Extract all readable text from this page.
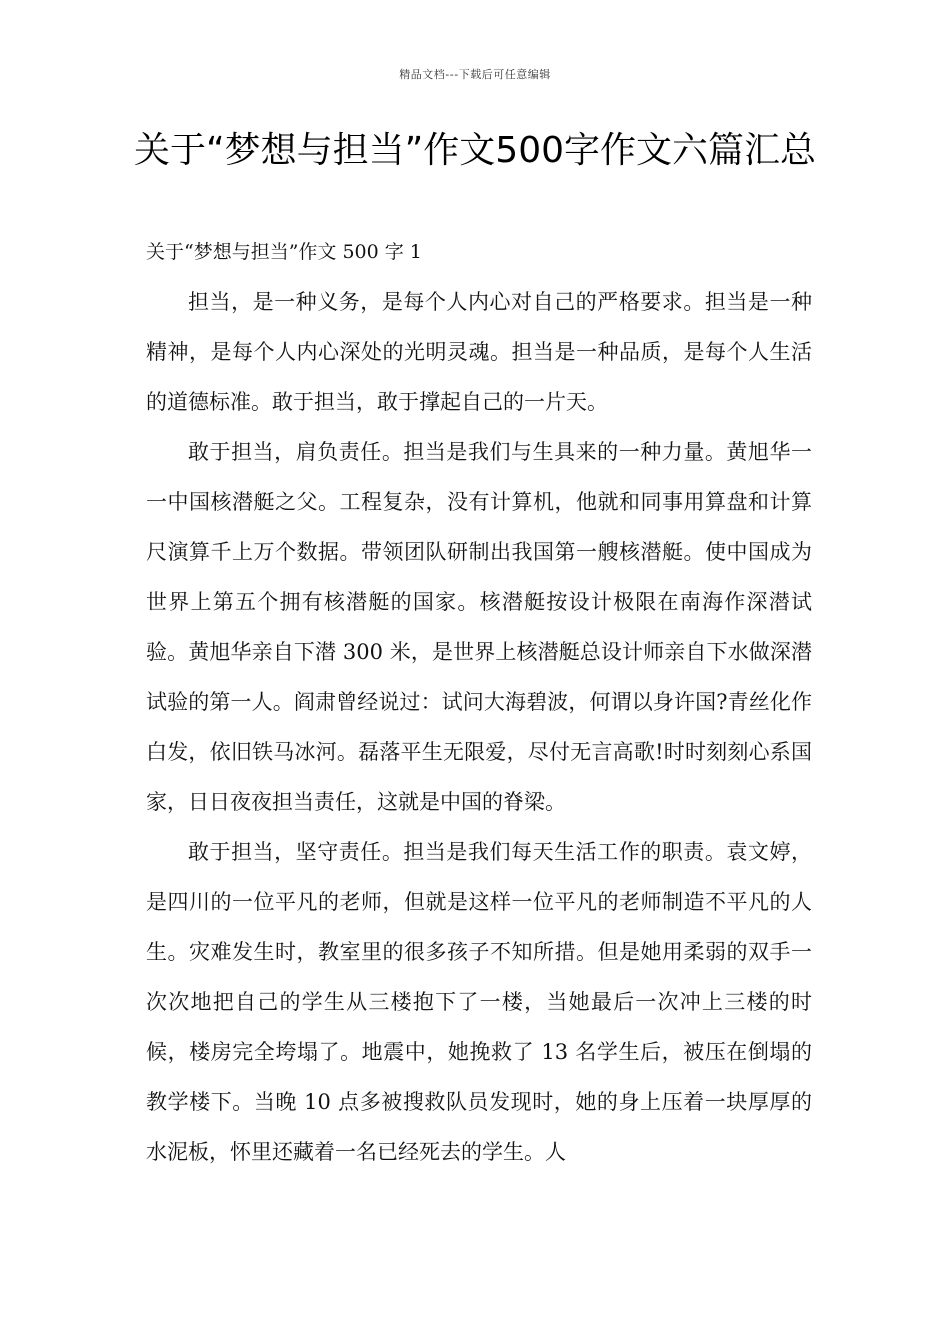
精品文档---下载后可任意编辑
关于“梦想与担当”作文500字作文六篇汇总
关于“梦想与担当”作文 500 字 1

担当，是一种义务，是每个人内心对自己的严格要求。担当是一种精神，是每个人内心深处的光明灵魂。担当是一种品质，是每个人生活的道德标准。敢于担当，敢于撑起自己的一片天。

敢于担当，肩负责任。担当是我们与生具来的一种力量。黄旭华一一中国核潜艇之父。工程复杂，没有计算机，他就和同事用算盘和计算尺演算千上万个数据。带领团队研制出我国第一艘核潜艇。使中国成为世界上第五个拥有核潜艇的国家。核潜艇按设计极限在南海作深潜试验。黄旭华亲自下潜 300 米，是世界上核潜艇总设计师亲自下水做深潜试验的第一人。阎肃曾经说过：试问大海碧波，何谓以身许国?青丝化作白发，依旧铁马冰河。磊落平生无限爱，尽付无言高歌!时时刻刻心系国家，日日夜夜担当责任，这就是中国的脊梁。

敢于担当，坚守责任。担当是我们每天生活工作的职责。袁文婷，是四川的一位平凡的老师，但就是这样一位平凡的老师制造不平凡的人生。灾难发生时，教室里的很多孩子不知所措。但是她用柔弱的双手一次次地把自己的学生从三楼抱下了一楼，当她最后一次冲上三楼的时候，楼房完全垮塌了。地震中，她挽救了 13 名学生后，被压在倒塌的教学楼下。当晚 10 点多被搜救队员发现时，她的身上压着一块厚厚的水泥板，怀里还藏着一名已经死去的学生。人
